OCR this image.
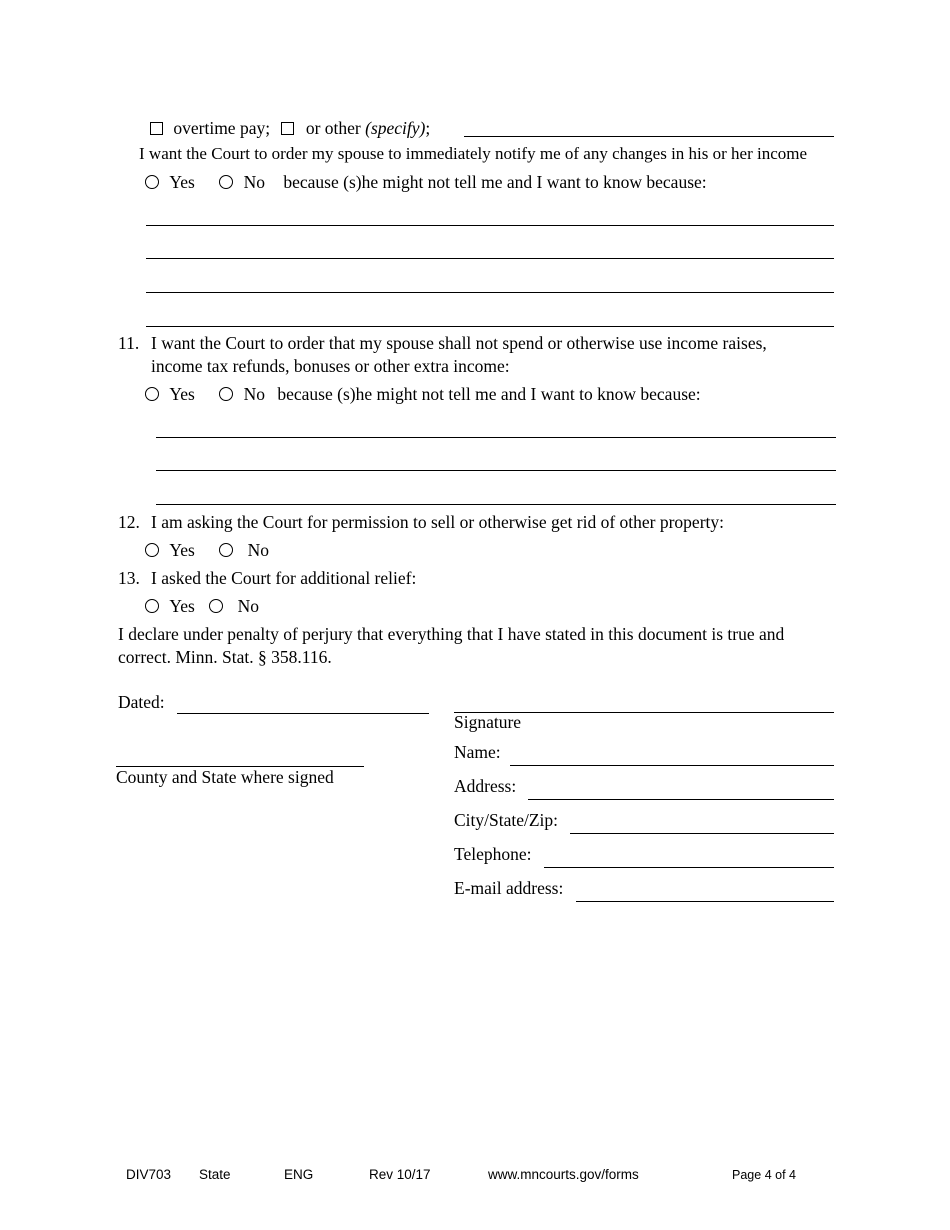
overtime pay; or other (specify);
I want the Court to order my spouse to immediately notify me of any changes in his or her income
Yes	No because (s)he might not tell me and I want to know because:
11. I want the Court to order that my spouse shall not spend or otherwise use income raises,
income tax refunds, bonuses or other extra income:
Yes	No because (s)he might not tell me and I want to know because:
12. I am asking the Court for permission to sell or otherwise get rid of other property:
Yes	No
13. I asked the Court for additional relief:
Yes No
I declare under penalty of perjury that everything that I have stated in this document is true and
correct. Minn. Stat. § 358.116.
Dated:
County and State where signed
Signature
Name:
Address:
City/State/Zip:
Telephone:
E-mail address:
DIV703 State	ENG	Rev 10/17	www.mncourts.gov/forms	Page 4 of 4
